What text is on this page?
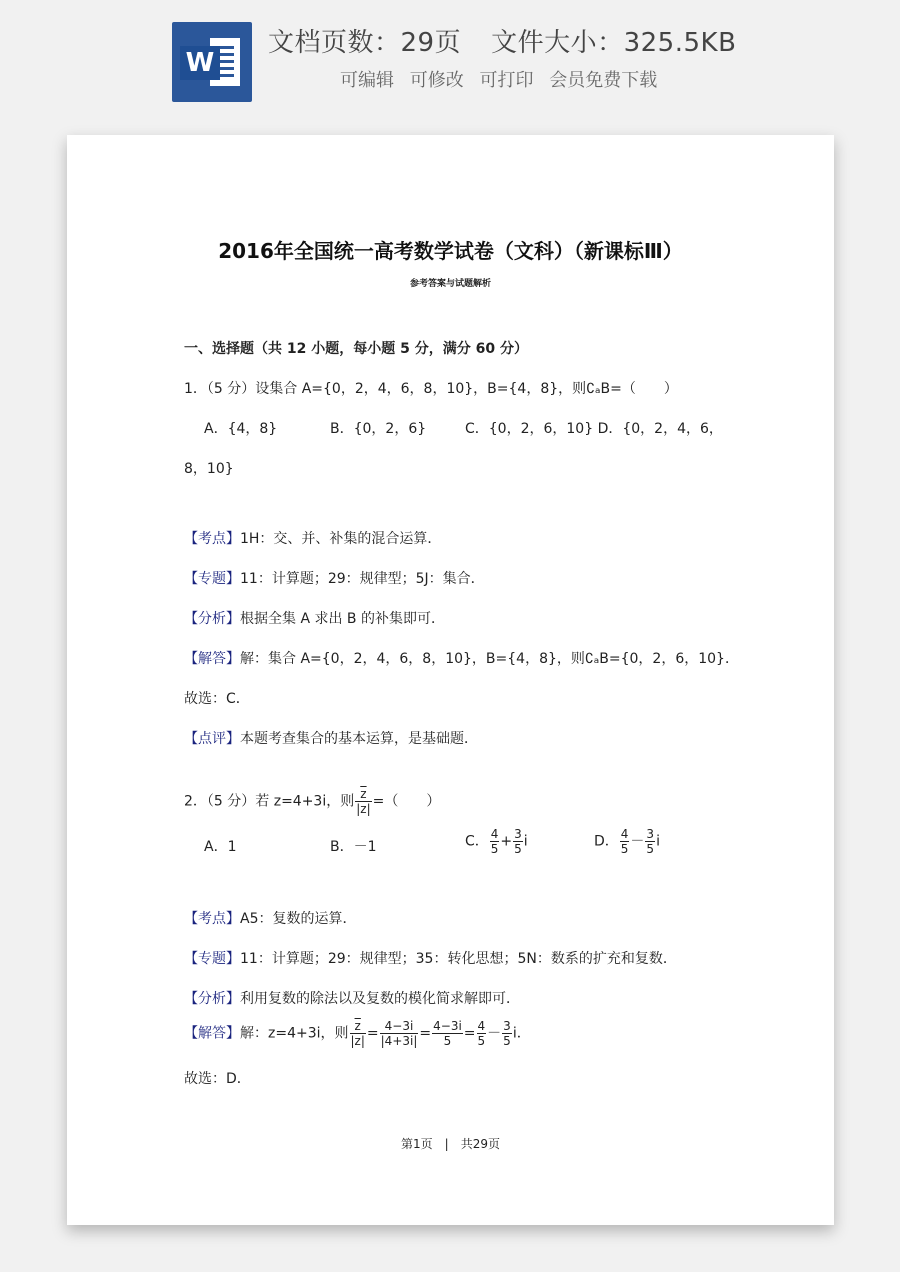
W
文档页数：29页 文件大小：325.5KB
可编辑 可修改 可打印 会员免费下载
2016年全国统一高考数学试卷（文科）（新课标Ⅲ）
参考答案与试题解析
一、选择题（共 12 小题，每小题 5 分，满分 60 分）
1．（5 分）设集合 A={0，2，4，6，8，10}，B={4，8}，则∁ₐB=（　　）
A．{4，8}	B．{0，2，6}	C．{0，2，6，10} D．{0，2，4，6，
8，10}
【考点】1H：交、并、补集的混合运算．
【专题】11：计算题；29：规律型；5J：集合．
【分析】根据全集 A 求出 B 的补集即可．
【解答】解：集合 A={0，2，4，6，8，10}，B={4，8}，则∁ₐB={0，2，6，10}．
故选：C．
【点评】本题考查集合的基本运算，是基础题．
2．（5 分）若 z=4+3i，则 $\frac{\overline{z}}{|z|}$ =（　　）
A．1	B．－1	C． $\frac{4}{5} + \frac{3}{5}$ i	D． $\frac{4}{5} - \frac{3}{5}$ i
【考点】A5：复数的运算．
【专题】11：计算题；29：规律型；35：转化思想；5N：数系的扩充和复数．
【分析】利用复数的除法以及复数的模化简求解即可．
【解答】解：z=4+3i，则 $\frac{\overline{z}}{|z|} = \frac{4-3i}{|4+3i|} = \frac{4-3i}{5} = \frac{4}{5} - \frac{3}{5}$ i．
故选：D．
第1页　|　共29页
